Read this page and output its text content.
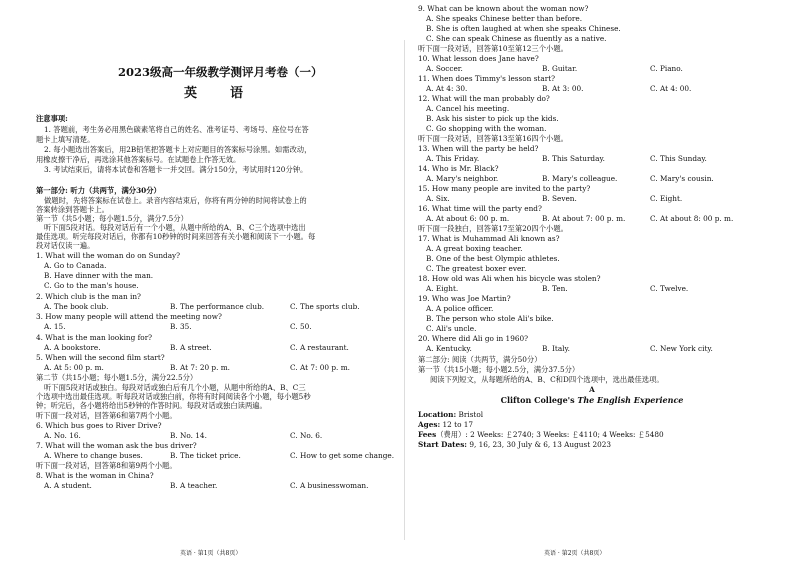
2023级高一年级教学测评月考卷（一）
英　语
注意事项:
1. 答题前，考生务必用黑色碳素笔将自己的姓名、准考证号、考场号、座位号在答
题卡上填写清楚。
2. 每小题选出答案后，用2B铅笔把答题卡上对应题目的答案标号涂黑。如需改动，
用橡皮擦干净后，再选涂其他答案标号。在试题卷上作答无效。
3. 考试结束后，请将本试卷和答题卡一并交回。满分150分，考试用时120分钟。
第一部分: 听力（共两节，满分30分）
做题时，先将答案标在试卷上。录音内容结束后，你将有两分钟的时间将试卷上的
答案转涂到答题卡上。
第一节（共5小题；每小题1.5分，满分7.5分）
听下面5段对话。每段对话后有一个小题，从题中所给的A、B、C三个选项中选出
最佳选项。听完每段对话后，你都有10秒钟的时间来回答有关小题和阅读下一小题。每
段对话仅读一遍。
1. What will the woman do on Sunday?
A. Go to Canada.
B. Have dinner with the man.
C. Go to the man's house.
2. Which club is the man in?
A. The book club.	B. The performance club.	C. The sports club.
3. How many people will attend the meeting now?
A. 15.	B. 35.	C. 50.
4. What is the man looking for?
A. A bookstore.	B. A street.	C. A restaurant.
5. When will the second film start?
A. At 5: 00 p. m.	B. At 7: 20 p. m.	C. At 7: 00 p. m.
第二节（共15小题；每小题1.5分，满分22.5分）
听下面5段对话或独白。每段对话或独白后有几个小题，从题中所给的A、B、C三
个选项中选出最佳选项。听每段对话或独白前，你将有时间阅读各个小题，每小题5秒
钟；听完后，各小题将给出5秒钟的作答时间。每段对话或独白读两遍。
听下面一段对话，回答第6和第7两个小题。
6. Which bus goes to River Drive?
A. No. 16.	B. No. 14.	C. No. 6.
7. What will the woman ask the bus driver?
A. Where to change buses.	B. The ticket price.	C. How to get some change.
听下面一段对话，回答第8和第9两个小题。
8. What is the woman in China?
A. A student.	B. A teacher.	C. A businesswoman.
英语 · 第1页（共8页）
9. What can be known about the woman now?
A. She speaks Chinese better than before.
B. She is often laughed at when she speaks Chinese.
C. She can speak Chinese as fluently as a native.
听下面一段对话，回答第10至第12三个小题。
10. What lesson does Jane have?
A. Soccer.	B. Guitar.	C. Piano.
11. When does Timmy's lesson start?
A. At 4: 30.	B. At 3: 00.	C. At 4: 00.
12. What will the man probably do?
A. Cancel his meeting.
B. Ask his sister to pick up the kids.
C. Go shopping with the woman.
听下面一段对话，回答第13至第16四个小题。
13. When will the party be held?
A. This Friday.	B. This Saturday.	C. This Sunday.
14. Who is Mr. Black?
A. Mary's neighbor.	B. Mary's colleague.	C. Mary's cousin.
15. How many people are invited to the party?
A. Six.	B. Seven.	C. Eight.
16. What time will the party end?
A. At about 6: 00 p. m.	B. At about 7: 00 p. m.	C. At about 8: 00 p. m.
听下面一段独白，回答第17至第20四个小题。
17. What is Muhammad Ali known as?
A. A great boxing teacher.
B. One of the best Olympic athletes.
C. The greatest boxer ever.
18. How old was Ali when his bicycle was stolen?
A. Eight.	B. Ten.	C. Twelve.
19. Who was Joe Martin?
A. A police officer.
B. The person who stole Ali's bike.
C. Ali's uncle.
20. Where did Ali go in 1960?
A. Kentucky.	B. Italy.	C. New York city.
第二部分: 阅读（共两节，满分50分）
第一节（共15小题；每小题2.5分，满分37.5分）
阅读下列短文，从每题所给的A、B、C和D四个选项中，选出最佳选项。
A
Clifton College's The English Experience
Location: Bristol
Ages: 12 to 17
Fees（费用）: 2 Weeks: ￡2740; 3 Weeks: ￡4110; 4 Weeks: ￡5480
Start Dates: 9, 16, 23, 30 July & 6, 13 August 2023
英语 · 第2页（共8页）
